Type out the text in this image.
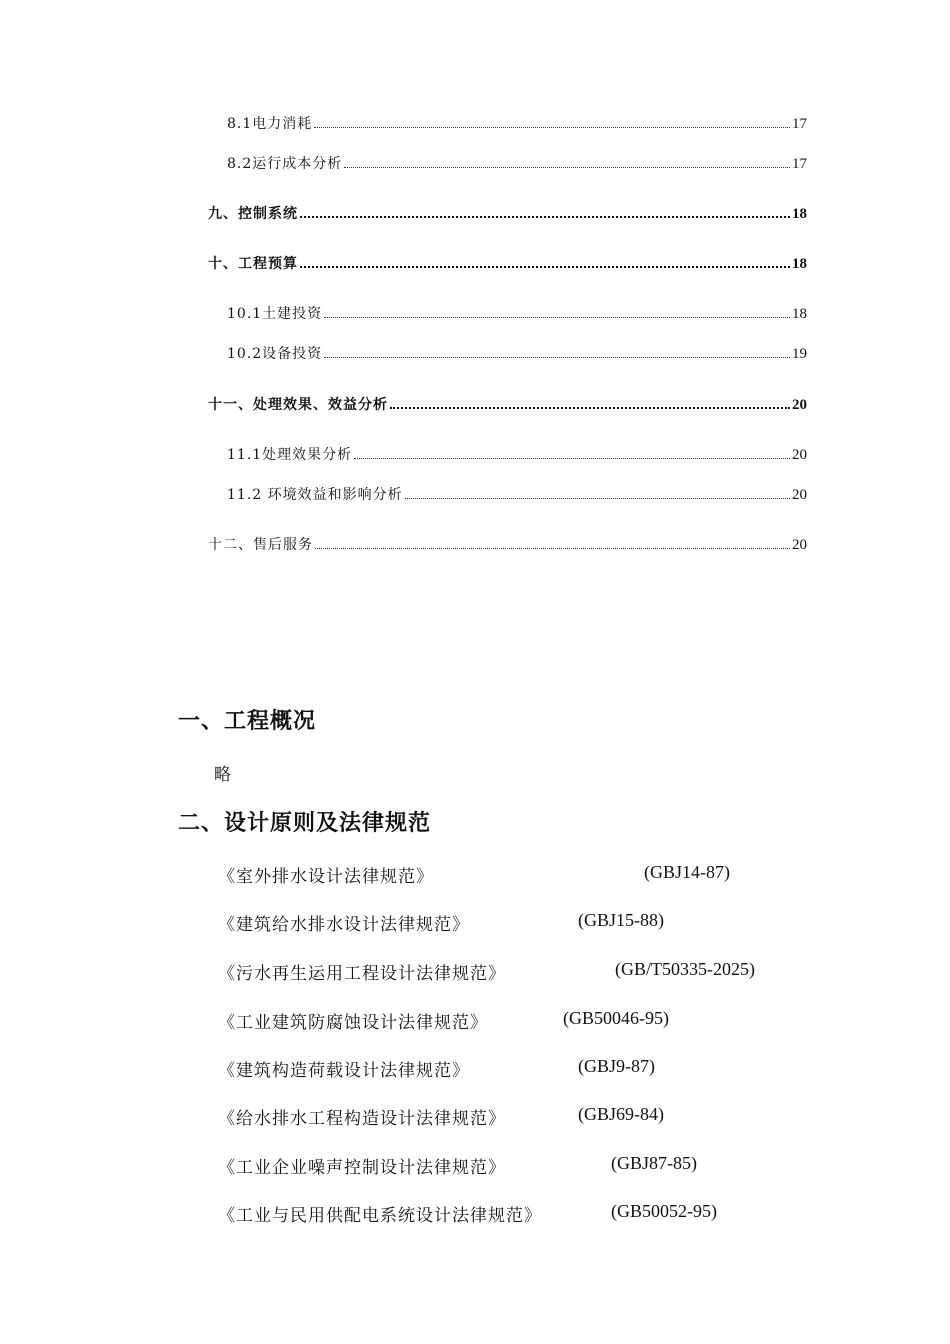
8.1电力消耗	17
8.2运行成本分析	17
九、控制系统	18
十、工程预算	18
10.1土建投资	18
10.2设备投资	19
十一、处理效果、效益分析	20
11.1处理效果分析	20
11.2 环境效益和影响分析	20
十二、售后服务	20
一、工程概况
略
二、设计原则及法律规范
《室外排水设计法律规范》	(GBJ14-87)
《建筑给水排水设计法律规范》	(GBJ15-88)
《污水再生运用工程设计法律规范》	(GB/T50335-2025)
《工业建筑防腐蚀设计法律规范》	(GB50046-95)
《建筑构造荷载设计法律规范》	(GBJ9-87)
《给水排水工程构造设计法律规范》	(GBJ69-84)
《工业企业噪声控制设计法律规范》	(GBJ87-85)
《工业与民用供配电系统设计法律规范》	(GB50052-95)
